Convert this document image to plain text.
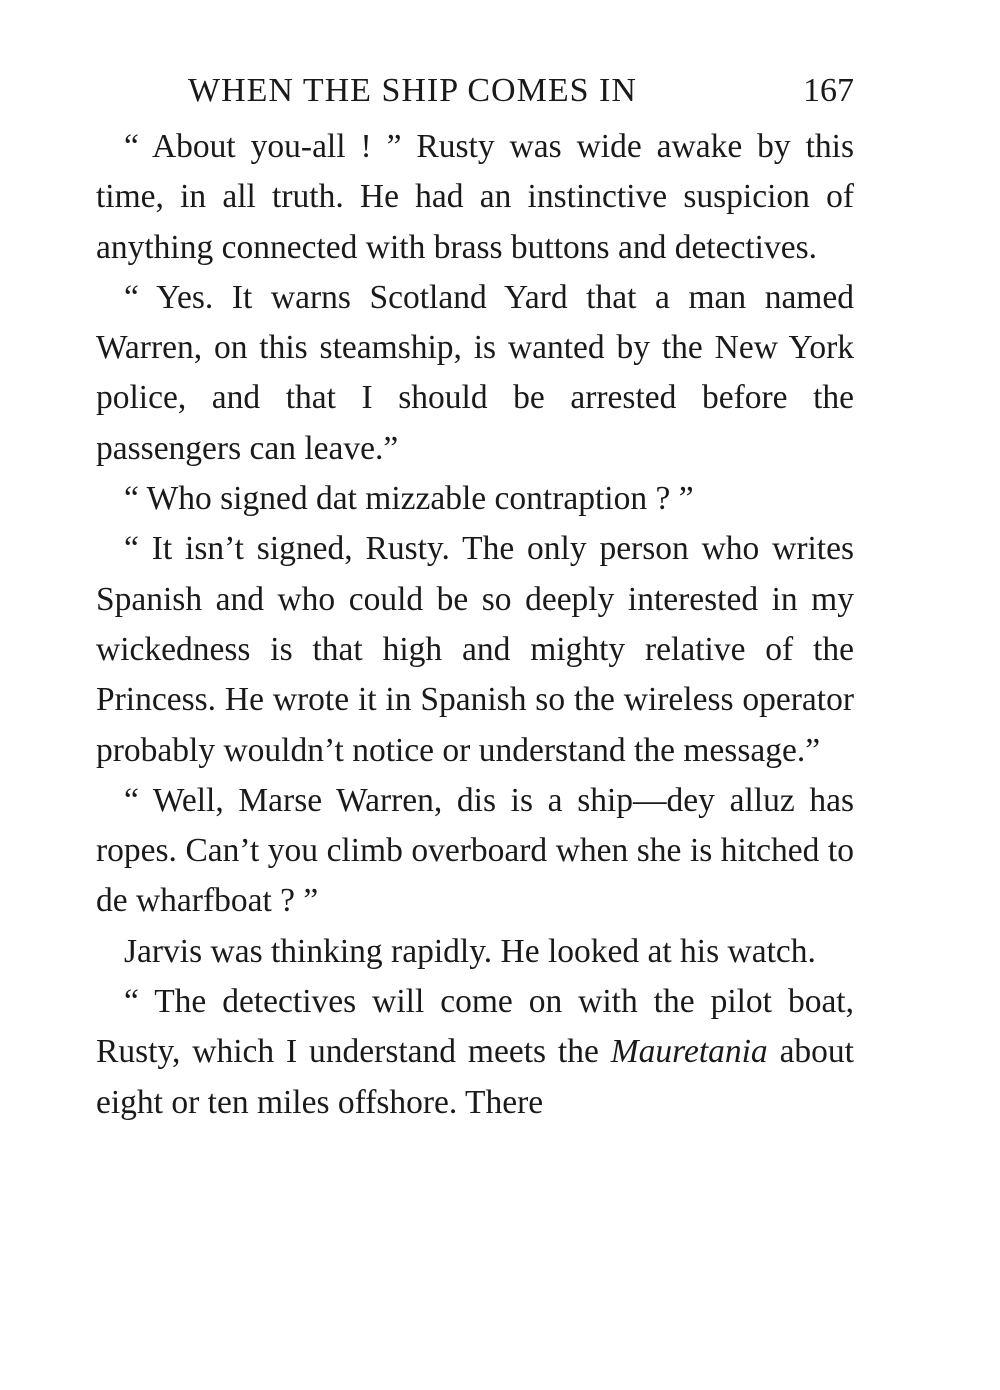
WHEN THE SHIP COMES IN	167

“ About you-all ! ” Rusty was wide awake by this time, in all truth. He had an instinctive suspicion of anything connected with brass buttons and detectives.

“ Yes. It warns Scotland Yard that a man named Warren, on this steamship, is wanted by the New York police, and that I should be arrested before the passengers can leave.”

“ Who signed dat mizzable contraption ? ”

“ It isn’t signed, Rusty. The only person who writes Spanish and who could be so deeply interested in my wickedness is that high and mighty relative of the Princess. He wrote it in Spanish so the wireless operator probably wouldn’t notice or understand the message.”

“ Well, Marse Warren, dis is a ship—dey alluz has ropes. Can’t you climb overboard when she is hitched to de wharfboat ? ”

Jarvis was thinking rapidly. He looked at his watch.

“ The detectives will come on with the pilot boat, Rusty, which I understand meets the Mauretania about eight or ten miles offshore. There
